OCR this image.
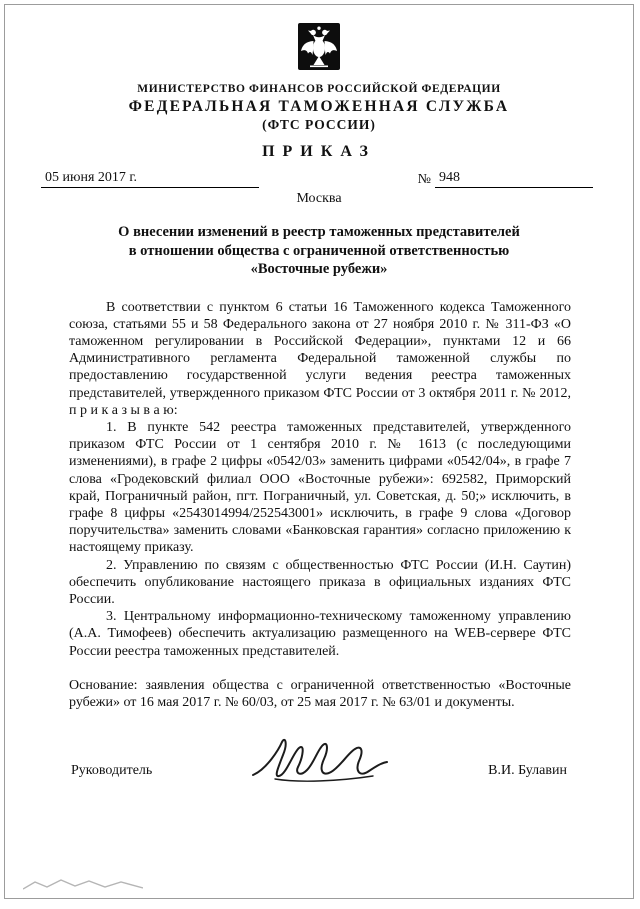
МИНИСТЕРСТВО ФИНАНСОВ РОССИЙСКОЙ ФЕДЕРАЦИИ
ФЕДЕРАЛЬНАЯ ТАМОЖЕННАЯ СЛУЖБА
(ФТС РОССИИ)
ПРИКАЗ
05 июня 2017 г.	№ 948
Москва
О внесении изменений в реестр таможенных представителей
в отношении общества с ограниченной ответственностью
«Восточные рубежи»

В соответствии с пунктом 6 статьи 16 Таможенного кодекса Таможенного союза, статьями 55 и 58 Федерального закона от 27 ноября 2010 г. № 311-ФЗ «О таможенном регулировании в Российской Федерации», пунктами 12 и 66 Административного регламента Федеральной таможенной службы по предоставлению государственной услуги ведения реестра таможенных представителей, утвержденного приказом ФТС России от 3 октября 2011 г. № 2012, п р и к а з ы в а ю:

1. В пункте 542 реестра таможенных представителей, утвержденного приказом ФТС России от 1 сентября 2010 г. № 1613 (с последующими изменениями), в графе 2 цифры «0542/03» заменить цифрами «0542/04», в графе 7 слова «Гродековский филиал ООО «Восточные рубежи»: 692582, Приморский край, Пограничный район, пгт. Пограничный, ул. Советская, д. 50;» исключить, в графе 8 цифры «2543014994/252543001» исключить, в графе 9 слова «Договор поручительства» заменить словами «Банковская гарантия» согласно приложению к настоящему приказу.

2. Управлению по связям с общественностью ФТС России (И.Н. Саутин) обеспечить опубликование настоящего приказа в официальных изданиях ФТС России.

3. Центральному информационно-техническому таможенному управлению (А.А. Тимофеев) обеспечить актуализацию размещенного на WEB-сервере ФТС России реестра таможенных представителей.

Основание: заявления общества с ограниченной ответственностью «Восточные рубежи» от 16 мая 2017 г. № 60/03, от 25 мая 2017 г. № 63/01 и документы.

Руководитель	В.И. Булавин
